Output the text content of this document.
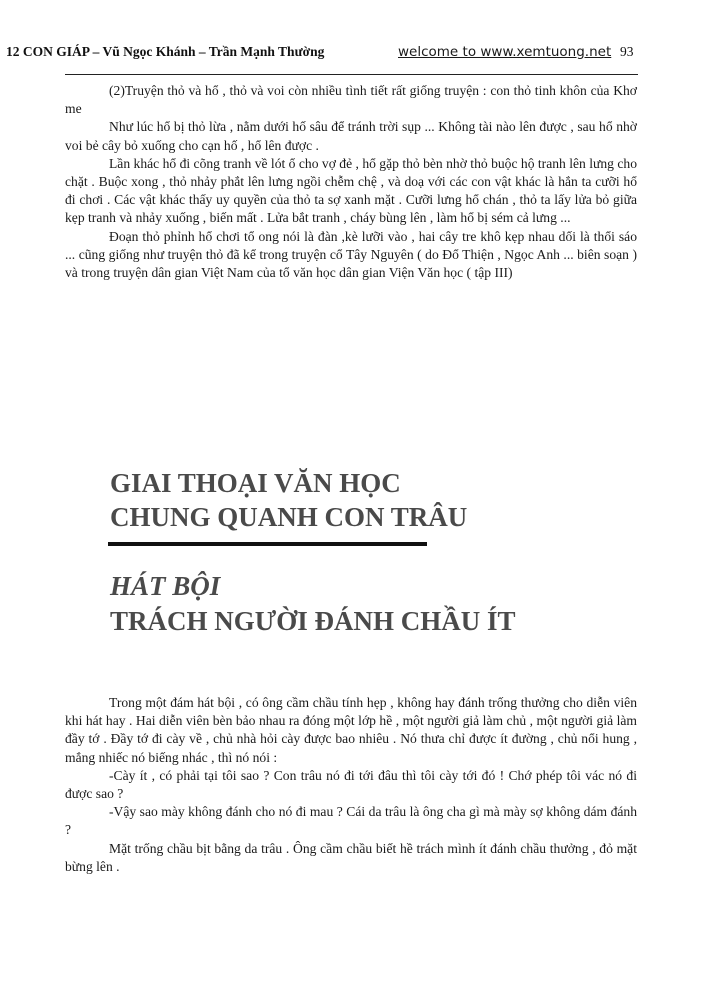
12 CON GIÁP – Vũ Ngọc Khánh – Trần Mạnh Thường	welcome to www.xemtuong.net 93

(2)Truyện thỏ và hổ , thỏ và voi còn nhiều tình tiết rất giống truyện : con thỏ tinh khôn của Khơ me

Như lúc hổ bị thỏ lừa , nằm dưới hố sâu để tránh trời sụp ... Không tài nào lên được , sau hổ nhờ voi bẻ cây bỏ xuống cho cạn hố , hổ lên được .

Lần khác hổ đi cõng tranh về lót ổ cho vợ đẻ , hổ gặp thỏ bèn nhờ thỏ buộc hộ tranh lên lưng cho chặt . Buộc xong , thỏ nhảy phắt lên lưng ngồi chễm chệ , và doạ với các con vật khác là hắn ta cưỡi hổ đi chơi . Các vật khác thấy uy quyền của thỏ ta sợ xanh mặt . Cưỡi lưng hổ chán , thỏ ta lấy lửa bỏ giữa kẹp tranh và nhảy xuống , biến mất . Lửa bắt tranh , cháy bùng lên , làm hổ bị sém cả lưng ...

Đoạn thỏ phỉnh hổ chơi tổ ong nói là đàn ,kè lưỡi vào , hai cây tre khô kẹp nhau dối là thổi sáo ... cũng giống như truyện thỏ đã kể trong truyện cổ Tây Nguyên ( do Đổ Thiện , Ngọc Anh ... biên soạn ) và trong truyện dân gian Việt Nam của tổ văn học dân gian Viện Văn học ( tập III)

GIAI THOẠI VĂN HỌC
CHUNG QUANH CON TRÂU
HÁT BỘI
TRÁCH NGƯỜI ĐÁNH CHẦU ÍT

Trong một đám hát bội , có ông cầm chầu tính hẹp , không hay đánh trống thưởng cho diễn viên khi hát hay . Hai diễn viên bèn bảo nhau ra đóng một lớp hề , một người giả làm chủ , một người giả làm đầy tớ . Đầy tớ đi cày về , chủ nhà hỏi cày được bao nhiêu . Nó thưa chỉ được ít đường , chủ nổi hung , mắng nhiếc nó biếng nhác , thì nó nói :

-Cày ít , có phải tại tôi sao ? Con trâu nó đi tới đâu thì tôi cày tới đó ! Chớ phép tôi vác nó đi được sao ?

-Vậy sao mày không đánh cho nó đi mau ? Cái da trâu là ông cha gì mà mày sợ không dám đánh ?

Mặt trống chầu bịt bằng da trâu . Ông cầm chầu biết hề trách mình ít đánh chầu thưởng , đỏ mặt bừng lên .
